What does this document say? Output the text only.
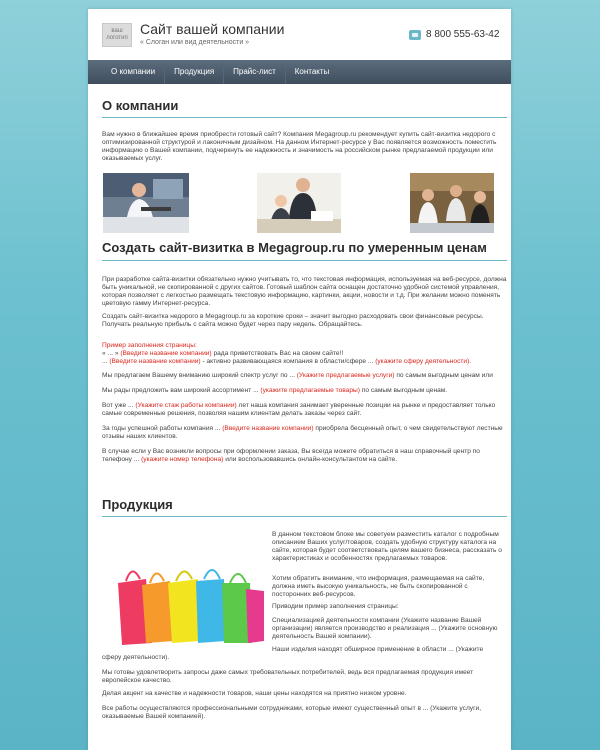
ваш логотип
Сайт вашей компании
« Слоган или вид деятельности »
8 800 555-63-42
О компании	Продукция	Прайс-лист	Контакты
О компании
Вам нужно в ближайшее время приобрести готовый сайт? Компания Megagroup.ru рекомендует купить сайт-визитка недорого с оптимизированной структурой и лаконичным дизайном. На данном Интернет-ресурсе у Вас появляется возможность поместить информацию о Вашей компании, подчеркнуть ее надежность и значимость на российском рынке предлагаемой продукции или оказываемых услуг.
Создать сайт-визитка в Megagroup.ru по умеренным ценам
При разработке сайта-визитки обязательно нужно учитывать то, что текстовая информация, используемая на веб-ресурсе, должна быть уникальной, не скопированной с других сайтов. Готовый шаблон сайта оснащен достаточно удобной системой управления, которая позволяет с легкостью размещать текстовую информацию, картинки, акции, новости и т.д. При желании можно поменять цветовую гамму Интернет-ресурса.
Создать сайт-визитка недорого в Megagroup.ru за короткие сроки – значит выгодно расходовать свои финансовые ресурсы. Получать реальную прибыль с сайта можно будет через пару недель. Обращайтесь.
Пример заполнения страницы:
« ... » (Введите название компании) рада приветствовать Вас на своем сайте!!
... (Введите название компании) - активно развивающаяся компания в области/сфере ... (укажите сферу деятельности).
Мы предлагаем Вашему вниманию широкий спектр услуг по ... (Укажите предлагаемые услуги) по самым выгодным ценам или
Мы рады предложить вам широкий ассортимент ... (укажите предлагаемые товары) по самым выгодным ценам.
Вот уже ... (Укажите стаж работы компании) лет наша компания занимает уверенные позиции на рынке и предоставляет только самые современные решения, позволяя нашим клиентам делать заказы через сайт.
За годы успешной работы компания ... (Введите название компании) приобрела бесценный опыт, о чем свидетельствуют лестные отзывы наших клиентов.
В случае если у Вас возникли вопросы при оформлении заказа, Вы всегда можете обратиться в наш справочный центр по телефону ... (укажите номер телефона) или воспользовавшись онлайн-консультантом на сайте.
Продукция
В данном текстовом блоке мы советуем разместить каталог с подробным описанием Ваших услуг/товаров, создать удобную структуру каталога на сайте, которая будет соответствовать целям вашего бизнеса, рассказать о характеристиках и особенностях предлагаемых товаров.
Хотим обратить внимание, что информация, размещаемая на сайте, должна иметь высокую уникальность, не быть скопированной с посторонних веб-ресурсов.
Приводим пример заполнения страницы:
Специализацией деятельности компании (Укажите название Вашей организации) является производство и реализация ... (Укажите основную деятельность Вашей компании).
Наши изделия находят обширное применение в области ... (Укажите
сферу деятельности).
Мы готовы удовлетворить запросы даже самых требовательных потребителей, ведь вся предлагаемая продукция имеет европейское качество.
Делая акцент на качестве и надежности товаров, наши цены находятся на приятно низком уровне.
Все работы осуществляются профессиональными сотрудниками, которые имеют существенный опыт в ... (Укажите услуги, оказываемые Вашей компанией).
